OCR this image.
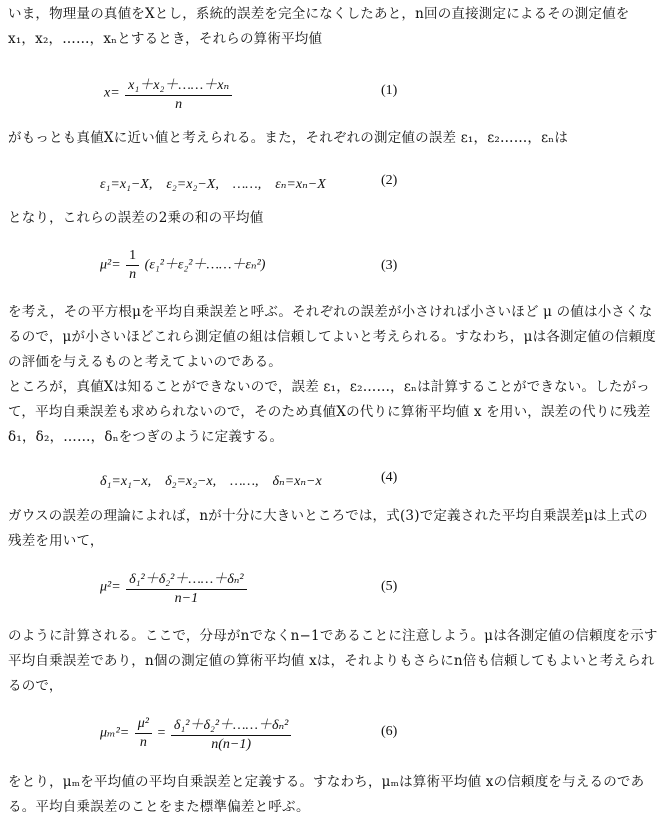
いま，物理量の真値をXとし，系統的誤差を完全になくしたあと，n回の直接測定によるその測定値を x₁，x₂，……，xₙとするとき，それらの算術平均値
$x= \frac{\text{x₁＋x₂＋……＋xₙ}}{n}$	(1)
がもっとも真値Xに近い値と考えられる。また，それぞれの測定値の誤差 ε₁，ε₂……，εₙは
ε₁=x₁−X,　ε₂=x₂−X,　……,　εₙ=xₙ−X	(2)
となり，これらの誤差の2乗の和の平均値
$\mu^2= \frac{1}{n}$ (ε₁²＋ε₂²＋……＋εₙ²)	(3)
を考え，その平方根μを平均自乗誤差と呼ぶ。それぞれの誤差が小さければ小さいほど μ の値は小さくなるので，μが小さいほどこれら測定値の組は信頼してよいと考えられる。すなわち，μは各測定値の信頼度の評価を与えるものと考えてよいのである。
ところが，真値Xは知ることができないので，誤差 ε₁，ε₂……，εₙは計算することができない。したがって，平均自乗誤差も求められないので，そのため真値Xの代りに算術平均値 x を用い，誤差の代りに残差 δ₁，δ₂，……，δₙをつぎのように定義する。
δ₁=x₁−x,　δ₂=x₂−x,　……,　δₙ=xₙ−x	(4)
ガウスの誤差の理論によれば，nが十分に大きいところでは，式(3)で定義された平均自乗誤差μは上式の残差を用いて，
$\mu^2= \frac{\text{δ₁²＋δ₂²＋……＋δₙ²}}{n-1}$	(5)
のように計算される。ここで，分母がnでなくn−1であることに注意しよう。μは各測定値の信頼度を示す平均自乗誤差であり，n個の測定値の算術平均値 xは，それよりもさらにn倍も信頼してもよいと考えられるので，
$\mu_m^2= \frac{\text{μ²}}{n} = \frac{\text{δ₁²＋δ₂²＋……＋δₙ²}}{n(n-1)}$	(6)
をとり，μₘを平均値の平均自乗誤差と定義する。すなわち，μₘは算術平均値 xの信頼度を与えるのである。平均自乗誤差のことをまた標準偏差と呼ぶ。
